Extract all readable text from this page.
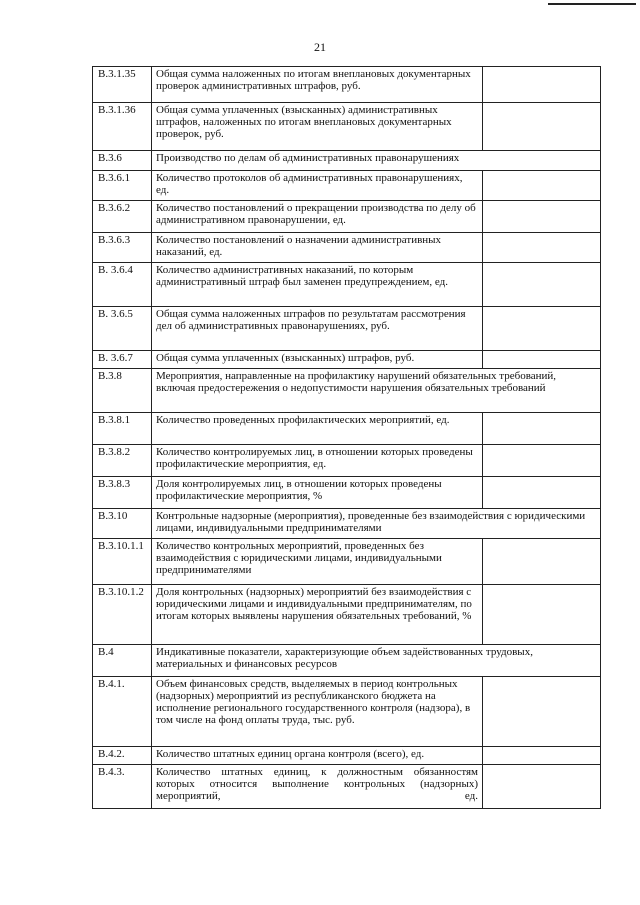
21
В.3.1.35	Общая сумма наложенных по итогам внеплановых документарных проверок административных штрафов, руб.	
В.3.1.36	Общая сумма уплаченных (взысканных) административных штрафов, наложенных по итогам внеплановых документарных проверок, руб.	
В.3.6	Производство по делам об административных правонарушениях	
В.3.6.1	Количество протоколов об административных правонарушениях, ед.	
В.3.6.2	Количество постановлений о прекращении производства по делу об административном правонарушении, ед.	
В.3.6.3	Количество постановлений о назначении административных наказаний, ед.	
В. 3.6.4	Количество административных наказаний, по которым административный штраф был заменен предупреждением, ед.	
В. 3.6.5	Общая сумма наложенных штрафов по результатам рассмотрения дел об административных правонарушениях, руб.	
В. 3.6.7	Общая сумма уплаченных (взысканных) штрафов, руб.	
В.3.8	Мероприятия, направленные на профилактику нарушений обязательных требований, включая предостережения о недопустимости нарушения обязательных требований	
В.3.8.1	Количество проведенных профилактических мероприятий, ед.	
В.3.8.2	Количество контролируемых лиц, в отношении которых проведены профилактические мероприятия, ед.	
В.3.8.3	Доля контролируемых лиц, в отношении которых проведены профилактические мероприятия, %	
В.3.10	Контрольные надзорные (мероприятия), проведенные без взаимодействия с юридическими лицами, индивидуальными предпринимателями	
В.3.10.1.1	Количество контрольных мероприятий, проведенных без взаимодействия с юридическими лицами, индивидуальными предпринимателями	
В.3.10.1.2	Доля контрольных (надзорных) мероприятий без взаимодействия с юридическими лицами и индивидуальными предпринимателям, по итогам которых выявлены нарушения обязательных требований, %	
В.4	Индикативные показатели, характеризующие объем задействованных трудовых, материальных и финансовых ресурсов	
В.4.1.	Объем финансовых средств, выделяемых в период контрольных (надзорных) мероприятий из республиканского бюджета на исполнение регионального государственного контроля (надзора), в том числе на фонд оплаты труда, тыс. руб.	
В.4.2.	Количество штатных единиц органа контроля (всего), ед.	
В.4.3.	Количество штатных единиц, к должностным обязанностям которых относится выполнение контрольных (надзорных) мероприятий, ед.	
